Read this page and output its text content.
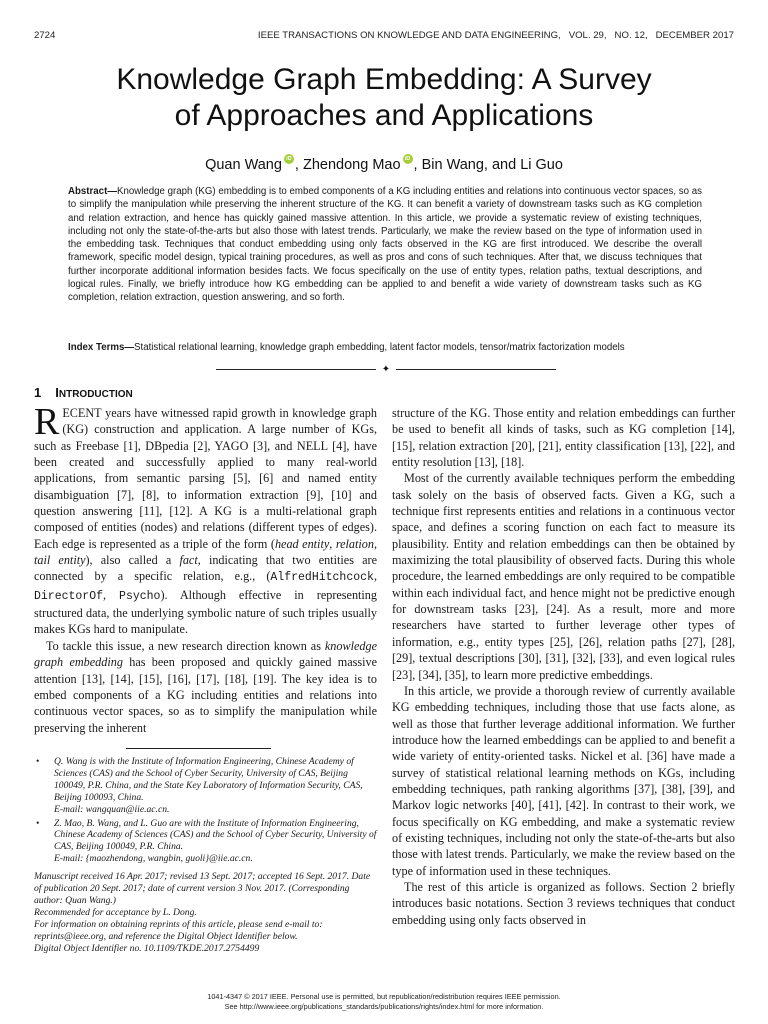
2724	IEEE TRANSACTIONS ON KNOWLEDGE AND DATA ENGINEERING,   VOL. 29,   NO. 12,   DECEMBER 2017
Knowledge Graph Embedding: A Survey
of Approaches and Applications
Quan Wang iD , Zhendong Mao iD , Bin Wang, and Li Guo
Abstract—Knowledge graph (KG) embedding is to embed components of a KG including entities and relations into continuous vector spaces, so as to simplify the manipulation while preserving the inherent structure of the KG. It can benefit a variety of downstream tasks such as KG completion and relation extraction, and hence has quickly gained massive attention. In this article, we provide a systematic review of existing techniques, including not only the state-of-the-arts but also those with latest trends. Particularly, we make the review based on the type of information used in the embedding task. Techniques that conduct embedding using only facts observed in the KG are first introduced. We describe the overall framework, specific model design, typical training procedures, as well as pros and cons of such techniques. After that, we discuss techniques that further incorporate additional information besides facts. We focus specifically on the use of entity types, relation paths, textual descriptions, and logical rules. Finally, we briefly introduce how KG embedding can be applied to and benefit a wide variety of downstream tasks such as KG completion, relation extraction, question answering, and so forth.
Index Terms—Statistical relational learning, knowledge graph embedding, latent factor models, tensor/matrix factorization models
✦
1 INTRODUCTION

RECENT years have witnessed rapid growth in knowledge graph (KG) construction and application. A large number of KGs, such as Freebase [1], DBpedia [2], YAGO [3], and NELL [4], have been created and successfully applied to many real-world applications, from semantic parsing [5], [6] and named entity disambiguation [7], [8], to information extraction [9], [10] and question answering [11], [12]. A KG is a multi-relational graph composed of entities (nodes) and relations (different types of edges). Each edge is represented as a triple of the form (head entity, relation, tail entity), also called a fact, indicating that two entities are connected by a specific relation, e.g., (AlfredHitchcock, DirectorOf, Psycho). Although effective in representing structured data, the underlying symbolic nature of such triples usually makes KGs hard to manipulate.

To tackle this issue, a new research direction known as knowledge graph embedding has been proposed and quickly gained massive attention [13], [14], [15], [16], [17], [18], [19]. The key idea is to embed components of a KG including entities and relations into continuous vector spaces, so as to simplify the manipulation while preserving the inherent

• Q. Wang is with the Institute of Information Engineering, Chinese Academy of Sciences (CAS) and the School of Cyber Security, University of CAS, Beijing 100049, P.R. China, and the State Key Laboratory of Information Security, CAS, Beijing 100093, China.
E-mail: wangquan@iie.ac.cn.
• Z. Mao, B. Wang, and L. Guo are with the Institute of Information Engineering, Chinese Academy of Sciences (CAS) and the School of Cyber Security, University of CAS, Beijing 100049, P.R. China.
E-mail: {maozhendong, wangbin, guoli}@iie.ac.cn.
Manuscript received 16 Apr. 2017; revised 13 Sept. 2017; accepted 16 Sept. 2017. Date of publication 20 Sept. 2017; date of current version 3 Nov. 2017. (Corresponding author: Quan Wang.)
Recommended for acceptance by L. Dong.
For information on obtaining reprints of this article, please send e-mail to: reprints@ieee.org, and reference the Digital Object Identifier below.
Digital Object Identifier no. 10.1109/TKDE.2017.2754499

structure of the KG. Those entity and relation embeddings can further be used to benefit all kinds of tasks, such as KG completion [14], [15], relation extraction [20], [21], entity classification [13], [22], and entity resolution [13], [18].

Most of the currently available techniques perform the embedding task solely on the basis of observed facts. Given a KG, such a technique first represents entities and relations in a continuous vector space, and defines a scoring function on each fact to measure its plausibility. Entity and relation embeddings can then be obtained by maximizing the total plausibility of observed facts. During this whole procedure, the learned embeddings are only required to be compatible within each individual fact, and hence might not be predictive enough for downstream tasks [23], [24]. As a result, more and more researchers have started to further leverage other types of information, e.g., entity types [25], [26], relation paths [27], [28], [29], textual descriptions [30], [31], [32], [33], and even logical rules [23], [34], [35], to learn more predictive embeddings.

In this article, we provide a thorough review of currently available KG embedding techniques, including those that use facts alone, as well as those that further leverage additional information. We further introduce how the learned embeddings can be applied to and benefit a wide variety of entity-oriented tasks. Nickel et al. [36] have made a survey of statistical relational learning methods on KGs, including embedding techniques, path ranking algorithms [37], [38], [39], and Markov logic networks [40], [41], [42]. In contrast to their work, we focus specifically on KG embedding, and make a systematic review of existing techniques, including not only the state-of-the-arts but also those with latest trends. Particularly, we make the review based on the type of information used in these techniques.

The rest of this article is organized as follows. Section 2 briefly introduces basic notations. Section 3 reviews techniques that conduct embedding using only facts observed in

1041-4347 © 2017 IEEE. Personal use is permitted, but republication/redistribution requires IEEE permission.
See http://www.ieee.org/publications_standards/publications/rights/index.html for more information.
